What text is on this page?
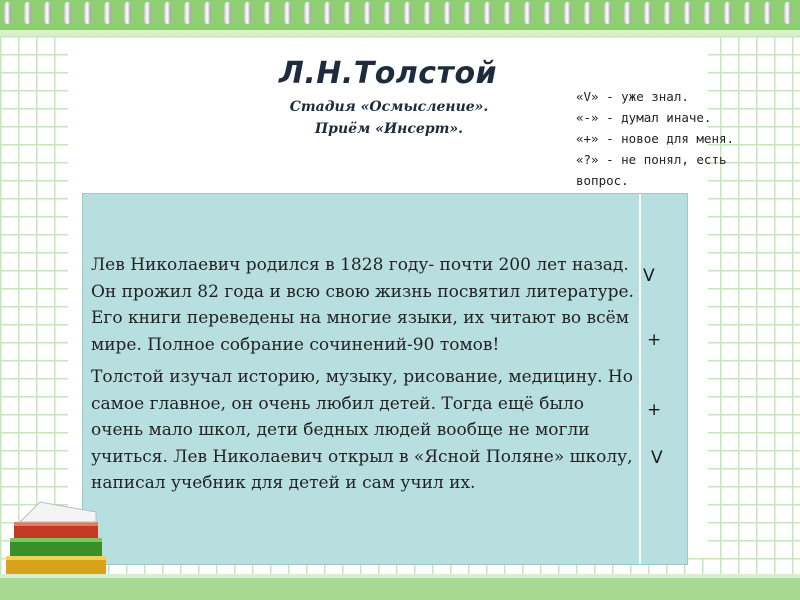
Л.Н.Толстой
Стадия «Осмысление».
Приём «Инсерт».
«V» - уже знал.
«-» - думал иначе.
«+» - новое для меня.
«?» - не понял, есть
вопрос.

Лев Николаевич родился в 1828 году- почти 200 лет назад. Он прожил 82 года и всю свою жизнь посвятил литературе. Его книги переведены на многие языки, их читают во всём мире. Полное собрание сочинений-90 томов!

Толстой изучал историю, музыку, рисование, медицину. Но самое главное, он очень любил детей. Тогда ещё было очень мало школ, дети бедных людей вообще не могли учиться. Лев Николаевич открыл в «Ясной Поляне» школу, написал учебник для детей и сам учил их.

V
+
+
V
